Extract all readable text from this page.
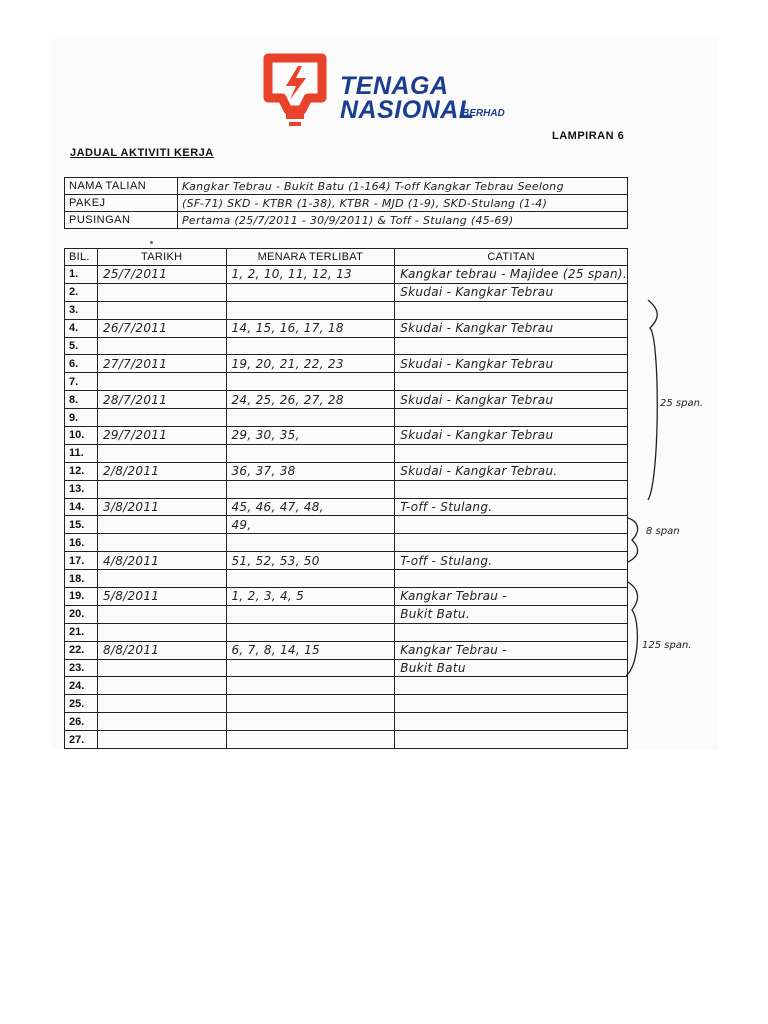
TENAGA
NASIONAL
BERHAD
LAMPIRAN 6
JADUAL AKTIVITI KERJA
NAMA TALIAN	Kangkar Tebrau - Bukit Batu (1-164) T-off Kangkar Tebrau Seelong
PAKEJ	(SF-71) SKD - KTBR (1-38), KTBR - MJD (1-9), SKD-Stulang (1-4)
PUSINGAN	Pertama (25/7/2011 - 30/9/2011) & Toff - Stulang (45-69)
BIL.	TARIKH	MENARA TERLIBAT	CATITAN
1.	25/7/2011	1, 2, 10, 11, 12, 13	Kangkar tebrau - Majidee (25 span).
2.			Skudai - Kangkar Tebrau
3.			
4.	26/7/2011	14, 15, 16, 17, 18	Skudai - Kangkar Tebrau
5.			
6.	27/7/2011	19, 20, 21, 22, 23	Skudai - Kangkar Tebrau
7.			
8.	28/7/2011	24, 25, 26, 27, 28	Skudai - Kangkar Tebrau
9.			
10.	29/7/2011	29, 30, 35,	Skudai - Kangkar Tebrau
11.			
12.	2/8/2011	36, 37, 38	Skudai - Kangkar Tebrau.
13.			
14.	3/8/2011	45, 46, 47, 48,	T-off - Stulang.
15.		49,	
16.			
17.	4/8/2011	51, 52, 53, 50	T-off - Stulang.
18.			
19.	5/8/2011	1, 2, 3, 4, 5	Kangkar Tebrau -
20.			Bukit Batu.
21.			
22.	8/8/2011	6, 7, 8, 14, 15	Kangkar Tebrau -
23.			Bukit Batu
24.			
25.			
26.			
27.			
25 span.
8 span
125 span.
